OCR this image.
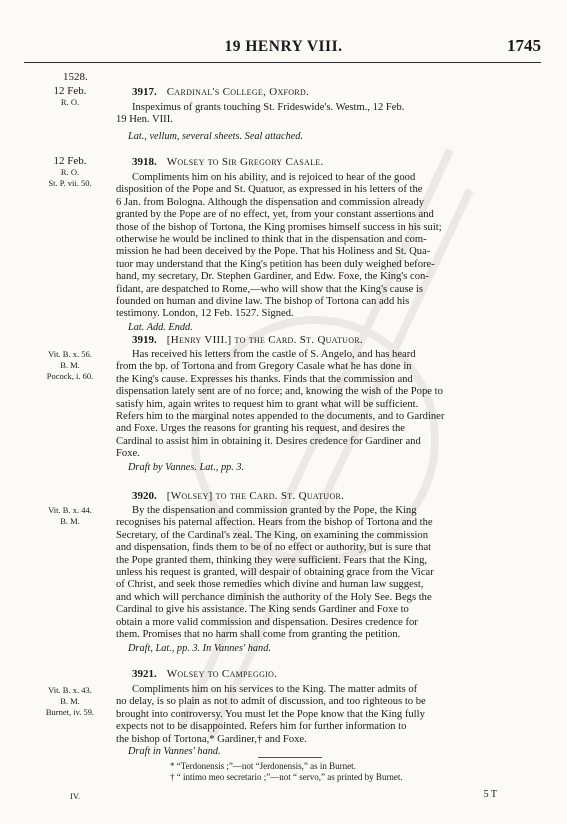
19 HENRY VIII.	1745
1528.
12 Feb.
R. O.
3917. Cardinal's College, Oxford.
Inspeximus of grants touching St. Frideswide's. Westm., 12 Feb.
19 Hen. VIII.
Lat., vellum, several sheets. Seal attached.
12 Feb.
R. O.
St. P. vii. 50.
3918. Wolsey to Sir Gregory Casale.
Compliments him on his ability, and is rejoiced to hear of the good
disposition of the Pope and St. Quatuor, as expressed in his letters of the
6 Jan. from Bologna. Although the dispensation and commission already
granted by the Pope are of no effect, yet, from your constant assertions and
those of the bishop of Tortona, the King promises himself success in his suit;
otherwise he would be inclined to think that in the dispensation and com-
mission he had been deceived by the Pope. That his Holiness and St. Qua-
tuor may understand that the King's petition has been duly weighed before-
hand, my secretary, Dr. Stephen Gardiner, and Edw. Foxe, the King's con-
fidant, are despatched to Rome,—who will show that the King's cause is
founded on human and divine law. The bishop of Tortona can add his
testimony. London, 12 Feb. 1527. Signed.
Lat. Add. Endd.
Vit. B. x. 56.
B. M.
Pocock, i. 60.
3919. [Henry VIII.] to the Card. St. Quatuor.
Has received his letters from the castle of S. Angelo, and has heard
from the bp. of Tortona and from Gregory Casale what he has done in
the King's cause. Expresses his thanks. Finds that the commission and
dispensation lately sent are of no force; and, knowing the wish of the Pope to
satisfy him, again writes to request him to grant what will be sufficient.
Refers him to the marginal notes appended to the documents, and to Gardiner
and Foxe. Urges the reasons for granting his request, and desires the
Cardinal to assist him in obtaining it. Desires credence for Gardiner and
Foxe.
Draft by Vannes. Lat., pp. 3.
Vit. B. x. 44.
B. M.
3920. [Wolsey] to the Card. St. Quatuor.
By the dispensation and commission granted by the Pope, the King
recognises his paternal affection. Hears from the bishop of Tortona and the
Secretary, of the Cardinal's zeal. The King, on examining the commission
and dispensation, finds them to be of no effect or authority, but is sure that
the Pope granted them, thinking they were sufficient. Fears that the King,
unless his request is granted, will despair of obtaining grace from the Vicar
of Christ, and seek those remedies which divine and human law suggest,
and which will perchance diminish the authority of the Holy See. Begs the
Cardinal to give his assistance. The King sends Gardiner and Foxe to
obtain a more valid commission and dispensation. Desires credence for
them. Promises that no harm shall come from granting the petition.
Draft, Lat., pp. 3. In Vannes' hand.
Vit. B. x. 43.
B. M.
Burnet, iv. 59.
3921. Wolsey to Campeggio.
Compliments him on his services to the King. The matter admits of
no delay, is so plain as not to admit of discussion, and too righteous to be
brought into controversy. You must let the Pope know that the King fully
expects not to be disappointed. Refers him for further information to
the bishop of Tortona,* Gardiner,† and Foxe.
Draft in Vannes' hand.
* “Terdonensis ;”—not “Jerdonensis,” as in Burnet.
† “ intimo meo secretario ;”—not “ servo,” as printed by Burnet.
IV.	5 T
